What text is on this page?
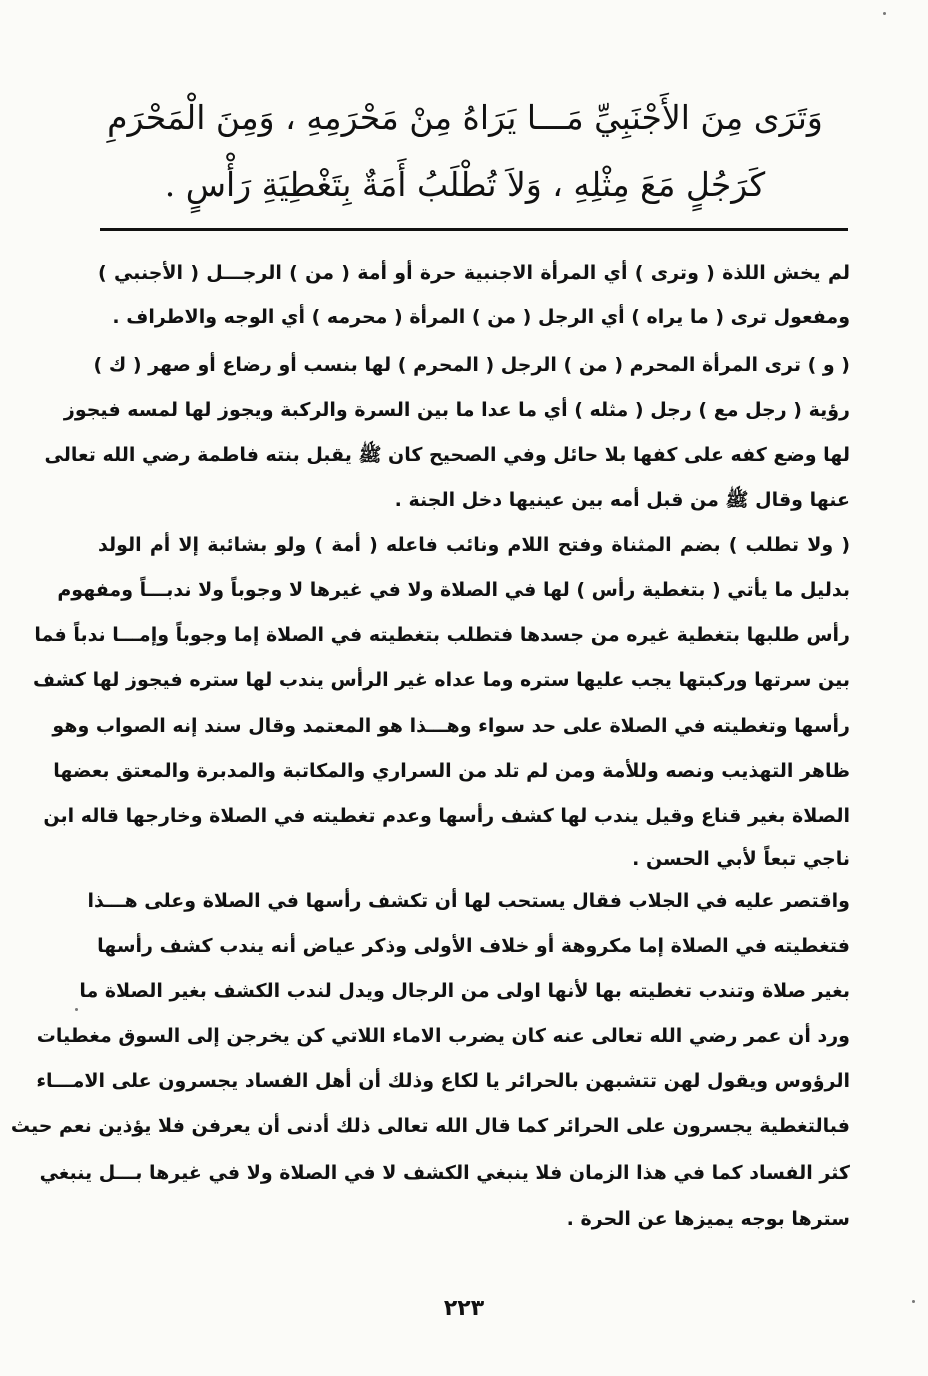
وَتَرَى مِنَ الأَجْنَبِيِّ مَـــا يَرَاهُ مِنْ مَحْرَمِهِ ، وَمِنَ الْمَحْرَمِ
كَرَجُلٍ مَعَ مِثْلِهِ ، وَلاَ تُطْلَبُ أَمَةٌ بِتَغْطِيَةِ رَأْسٍ .
لم يخش اللذة ( وترى ) أي المرأة الاجنبية حرة أو أمة ( من ) الرجـــل ( الأجنبي )
ومفعول ترى ( ما يراه ) أي الرجل ( من ) المرأة ( محرمه ) أي الوجه والاطراف .
( و ) ترى المرأة المحرم ( من ) الرجل ( المحرم ) لها بنسب أو رضاع أو صهر ( ك )
رؤية ( رجل مع ) رجل ( مثله ) أي ما عدا ما بين السرة والركبة ويجوز لها لمسه فيجوز
لها وضع كفه على كفها بلا حائل وفي الصحيح كان ﷺ يقبل بنته فاطمة رضي الله تعالى
عنها وقال ﷺ من قبل أمه بين عينيها دخل الجنة .
( ولا تطلب ) بضم المثناة وفتح اللام ونائب فاعله ( أمة ) ولو بشائبة إلا أم الولد
بدليل ما يأتي ( بتغطية رأس ) لها في الصلاة ولا في غيرها لا وجوباً ولا ندبـــاً ومفهوم
رأس طلبها بتغطية غيره من جسدها فتطلب بتغطيته في الصلاة إما وجوباً وإمـــا ندباً فما
بين سرتها وركبتها يجب عليها ستره وما عداه غير الرأس يندب لها ستره فيجوز لها كشف
رأسها وتغطيته في الصلاة على حد سواء وهـــذا هو المعتمد وقال سند إنه الصواب وهو
ظاهر التهذيب ونصه وللأمة ومن لم تلد من السراري والمكاتبة والمدبرة والمعتق بعضها
الصلاة بغير قناع وقيل يندب لها كشف رأسها وعدم تغطيته في الصلاة وخارجها قاله ابن
ناجي تبعاً لأبي الحسن .
واقتصر عليه في الجلاب فقال يستحب لها أن تكشف رأسها في الصلاة وعلى هـــذا
فتغطيته في الصلاة إما مكروهة أو خلاف الأولى وذكر عياض أنه يندب كشف رأسها
بغير صلاة وتندب تغطيته بها لأنها اولى من الرجال ويدل لندب الكشف بغير الصلاة ما
ورد أن عمر رضي الله تعالى عنه كان يضرب الاماء اللاتي كن يخرجن إلى السوق مغطيات
الرؤوس ويقول لهن تتشبهن بالحرائر يا لكاع وذلك أن أهل الفساد يجسرون على الامـــاء
فبالتغطية يجسرون على الحرائر كما قال الله تعالى ذلك أدنى أن يعرفن فلا يؤذين نعم حيث
كثر الفساد كما في هذا الزمان فلا ينبغي الكشف لا في الصلاة ولا في غيرها بـــل ينبغي
سترها بوجه يميزها عن الحرة .
٢٢٣
